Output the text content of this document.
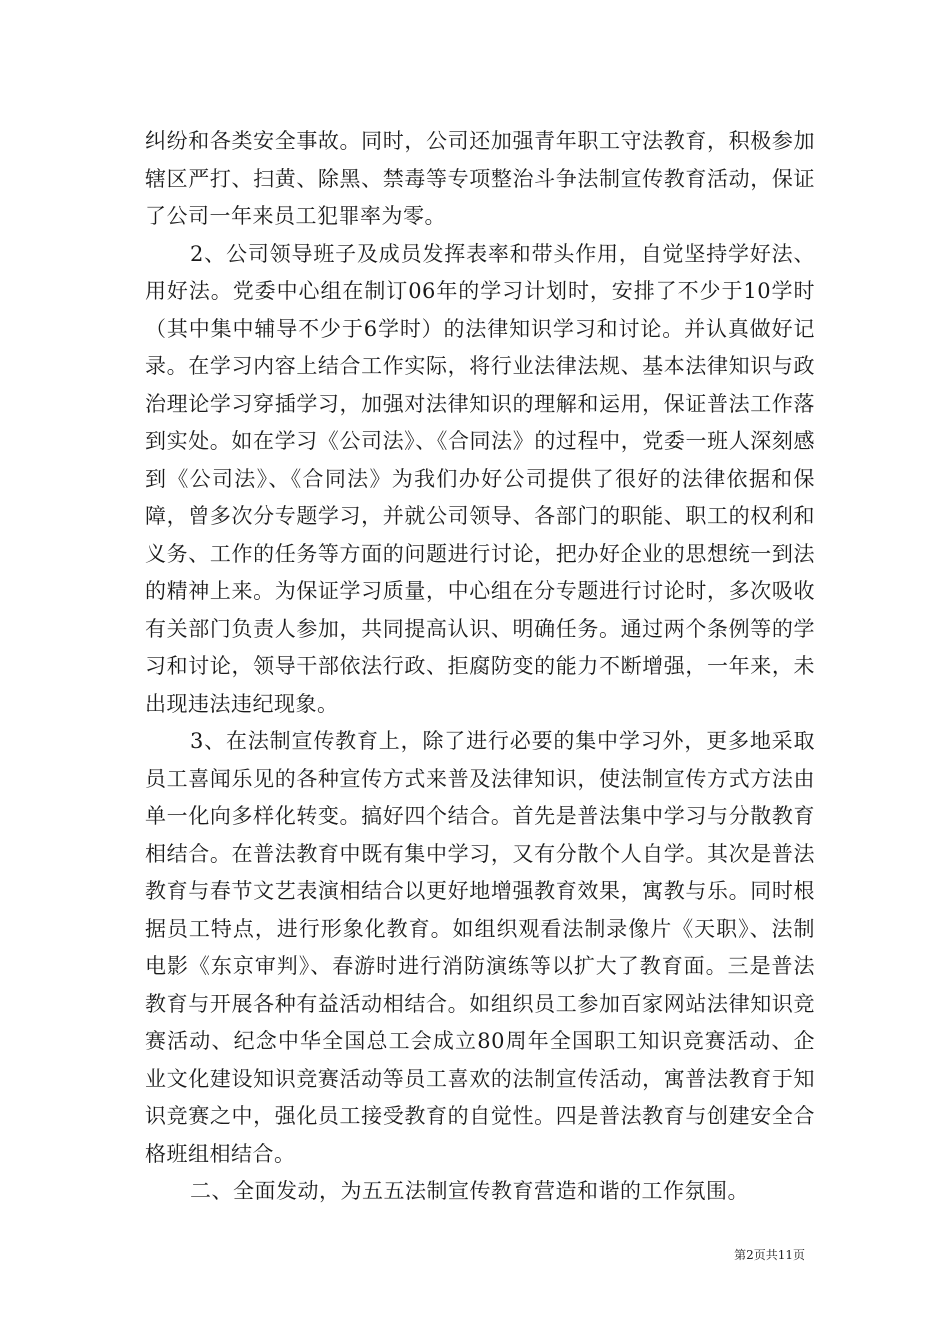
纠纷和各类安全事故。同时，公司还加强青年职工守法教育，积极参加辖区严打、扫黄、除黑、禁毒等专项整治斗争法制宣传教育活动，保证了公司一年来员工犯罪率为零。

2、公司领导班子及成员发挥表率和带头作用，自觉坚持学好法、用好法。党委中心组在制订06年的学习计划时，安排了不少于10学时（其中集中辅导不少于6学时）的法律知识学习和讨论。并认真做好记录。在学习内容上结合工作实际，将行业法律法规、基本法律知识与政治理论学习穿插学习，加强对法律知识的理解和运用，保证普法工作落到实处。如在学习《公司法》、《合同法》的过程中，党委一班人深刻感到《公司法》、《合同法》为我们办好公司提供了很好的法律依据和保障，曾多次分专题学习，并就公司领导、各部门的职能、职工的权利和义务、工作的任务等方面的问题进行讨论，把办好企业的思想统一到法的精神上来。为保证学习质量，中心组在分专题进行讨论时，多次吸收有关部门负责人参加，共同提高认识、明确任务。通过两个条例等的学习和讨论，领导干部依法行政、拒腐防变的能力不断增强，一年来，未出现违法违纪现象。

3、在法制宣传教育上，除了进行必要的集中学习外，更多地采取员工喜闻乐见的各种宣传方式来普及法律知识，使法制宣传方式方法由单一化向多样化转变。搞好四个结合。首先是普法集中学习与分散教育相结合。在普法教育中既有集中学习，又有分散个人自学。其次是普法教育与春节文艺表演相结合以更好地增强教育效果，寓教与乐。同时根据员工特点，进行形象化教育。如组织观看法制录像片《天职》、法制电影《东京审判》、春游时进行消防演练等以扩大了教育面。三是普法教育与开展各种有益活动相结合。如组织员工参加百家网站法律知识竞赛活动、纪念中华全国总工会成立80周年全国职工知识竞赛活动、企业文化建设知识竞赛活动等员工喜欢的法制宣传活动，寓普法教育于知识竞赛之中，强化员工接受教育的自觉性。四是普法教育与创建安全合格班组相结合。

二、全面发动，为五五法制宣传教育营造和谐的工作氛围。

第2页共11页
